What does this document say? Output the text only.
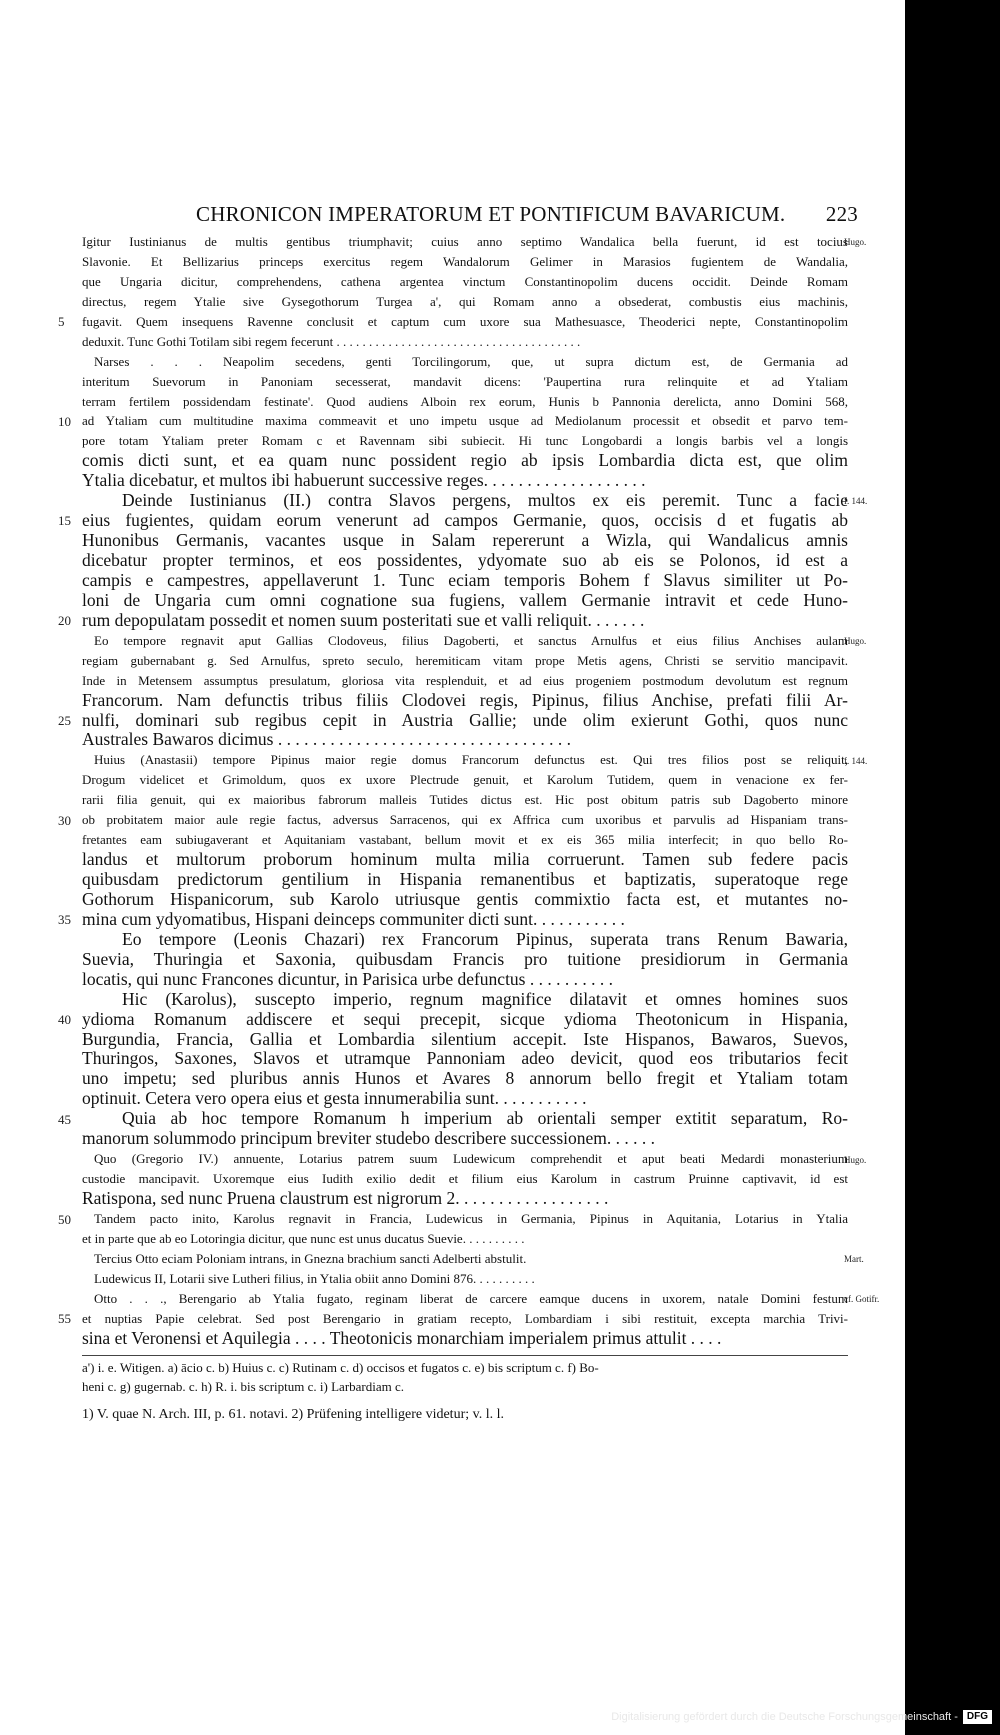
CHRONICON IMPERATORUM ET PONTIFICUM BAVARICUM. 223
Igitur Iustinianus de multis gentibus triumphavit; cuius anno septimo Wandalica bella fuerunt, id est tocius
Slavonie. Et Bellizarius princeps exercitus regem Wandalorum Gelimer in Marasios fugientem de Wandalia,
que Ungaria dicitur, comprehendens, cathena argentea vinctum Constantinopolim ducens occidit. Deinde Romam
directus, regem Ytalie sive Gysegothorum Turgea a', qui Romam anno a obsederat, combustis eius machinis,
fugavit. Quem insequens Ravenne conclusit et captum cum uxore sua Mathesuasce, Theoderici nepte, Constantinopolim
deduxit. Tunc Gothi Totilam sibi regem fecerunt . . . . . . . . . . . . . . . . . . . . . . . . . . . . . . . . . . . . . .
Narses . . . Neapolim secedens, genti Torcilingorum, que, ut supra dictum est, de Germania ad
interitum Suevorum in Panoniam secesserat, mandavit dicens: 'Paupertina rura relinquite et ad Ytaliam
terram fertilem possidendam festinate'. Quod audiens Alboin rex eorum, Hunis b Pannonia derelicta, anno Domini 568,
ad Ytaliam cum multitudine maxima commeavit et uno impetu usque ad Mediolanum processit et obsedit et parvo tem-
pore totam Ytaliam preter Romam c et Ravennam sibi subiecit. Hi tunc Longobardi a longis barbis vel a longis
comis dicti sunt, et ea quam nunc possident regio ab ipsis Lombardia dicta est, que olim
Ytalia dicebatur, et multos ibi habuerunt successive reges. . . . . . . . . . . . . . . . . . .
Deinde Iustinianus (II.) contra Slavos pergens, multos ex eis peremit. Tunc a facie
eius fugientes, quidam eorum venerunt ad campos Germanie, quos, occisis d et fugatis ab
Hunonibus Germanis, vacantes usque in Salam repererunt a Wizla, qui Wandalicus amnis
dicebatur propter terminos, et eos possidentes, ydyomate suo ab eis se Polonos, id est a
campis e campestres, appellaverunt 1. Tunc eciam temporis Bohem f Slavus similiter ut Po-
loni de Ungaria cum omni cognatione sua fugiens, vallem Germanie intravit et cede Huno-
rum depopulatam possedit et nomen suum posteritati sue et valli reliquit. . . . . . .
Eo tempore regnavit aput Gallias Clodoveus, filius Dagoberti, et sanctus Arnulfus et eius filius Anchises aulam
regiam gubernabant g. Sed Arnulfus, spreto seculo, heremiticam vitam prope Metis agens, Christi se servitio mancipavit.
Inde in Metensem assumptus presulatum, gloriosa vita resplenduit, et ad eius progeniem postmodum devolutum est regnum
Francorum. Nam defunctis tribus filiis Clodovei regis, Pipinus, filius Anchise, prefati filii Ar-
nulfi, dominari sub regibus cepit in Austria Gallie; unde olim exierunt Gothi, quos nunc
Australes Bawaros dicimus . . . . . . . . . . . . . . . . . . . . . . . . . . . . . . . . . .
Huius (Anastasii) tempore Pipinus maior regie domus Francorum defunctus est. Qui tres filios post se reliquit,
Drogum videlicet et Grimoldum, quos ex uxore Plectrude genuit, et Karolum Tutidem, quem in venacione ex fer-
rarii filia genuit, qui ex maioribus fabrorum malleis Tutides dictus est. Hic post obitum patris sub Dagoberto minore
ob probitatem maior aule regie factus, adversus Sarracenos, qui ex Affrica cum uxoribus et parvulis ad Hispaniam trans-
fretantes eam subiugaverant et Aquitaniam vastabant, bellum movit et ex eis 365 milia interfecit; in quo bello Ro-
landus et multorum proborum hominum multa milia corruerunt. Tamen sub federe pacis
quibusdam predictorum gentilium in Hispania remanentibus et baptizatis, superatoque rege
Gothorum Hispanicorum, sub Karolo utriusque gentis commixtio facta est, et mutantes no-
mina cum ydyomatibus, Hispani deinceps communiter dicti sunt. . . . . . . . . . .
Eo tempore (Leonis Chazari) rex Francorum Pipinus, superata trans Renum Bawaria,
Suevia, Thuringia et Saxonia, quibusdam Francis pro tuitione presidiorum in Germania
locatis, qui nunc Francones dicuntur, in Parisica urbe defunctus . . . . . . . . . .
Hic (Karolus), suscepto imperio, regnum magnifice dilatavit et omnes homines suos
ydioma Romanum addiscere et sequi precepit, sicque ydioma Theotonicum in Hispania,
Burgundia, Francia, Gallia et Lombardia silentium accepit. Iste Hispanos, Bawaros, Suevos,
Thuringos, Saxones, Slavos et utramque Pannoniam adeo devicit, quod eos tributarios fecit
uno impetu; sed pluribus annis Hunos et Avares 8 annorum bello fregit et Ytaliam totam
optinuit. Cetera vero opera eius et gesta innumerabilia sunt. . . . . . . . . . .
Quia ab hoc tempore Romanum h imperium ab orientali semper extitit separatum, Ro-
manorum solummodo principum breviter studebo describere successionem. . . . . .
Quo (Gregorio IV.) annuente, Lotarius patrem suum Ludewicum comprehendit et aput beati Medardi monasterium
custodie mancipavit. Uxoremque eius Iudith exilio dedit et filium eius Karolum in castrum Pruinne captivavit, id est
Ratispona, sed nunc Pruena claustrum est nigrorum 2. . . . . . . . . . . . . . . . . .
Tandem pacto inito, Karolus regnavit in Francia, Ludewicus in Germania, Pipinus in Aquitania, Lotarius in Ytalia
et in parte que ab eo Lotoringia dicitur, que nunc est unus ducatus Suevie. . . . . . . . . .
Tercius Otto eciam Poloniam intrans, in Gnezna brachium sancti Adelberti abstulit.
Ludewicus II, Lotarii sive Lutheri filius, in Ytalia obiit anno Domini 876. . . . . . . . . .
Otto . . ., Berengario ab Ytalia fugato, reginam liberat de carcere eamque ducens in uxorem, natale Domini festum
et nuptias Papie celebrat. Sed post Berengario in gratiam recepto, Lombardiam i sibi restituit, excepta marchia Trivi-
sina et Veronensi et Aquilegia . . . . Theotonicis monarchiam imperialem primus attulit . . . .
5
10
15
20
25
30
35
40
45
50
55
Hugo.
f. 144.
Hugo.
f. 144.
Hugo.
Mart.
cf. Gotifr.
a') i. e. Witigen. a) ācio c. b) Huius c. c) Rutinam c. d) occisos et fugatos c. e) bis scriptum c. f) Bo-
heni c. g) gugernab. c. h) R. i. bis scriptum c. i) Larbardiam c.
1) V. quae N. Arch. III, p. 61. notavi. 2) Prüfening intelligere videtur; v. l. l.
Digitalisierung gefördert durch die Deutsche Forschungsgemeinschaft - DFG
